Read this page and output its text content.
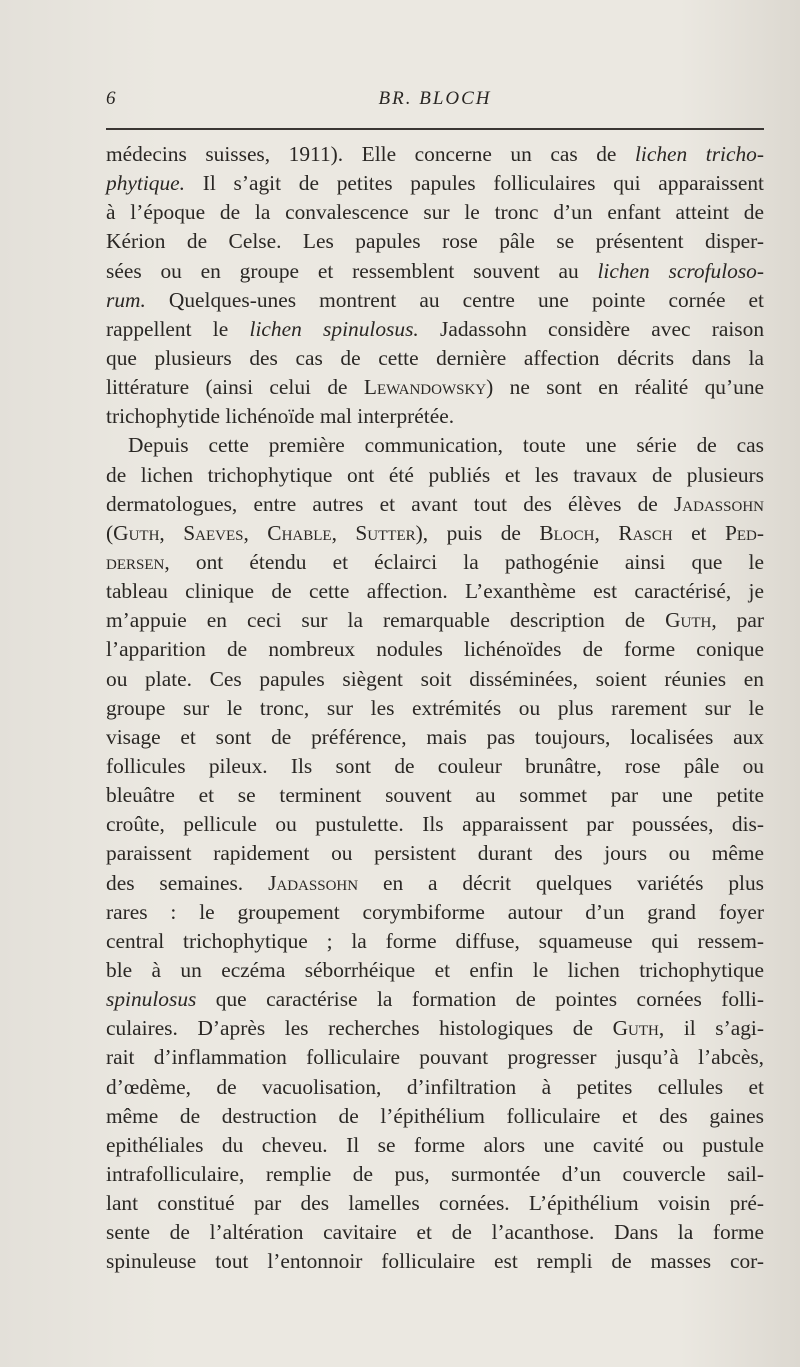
6	BR. BLOCH
médecins suisses, 1911). Elle concerne un cas de lichen tricho-
phytique. Il s’agit de petites papules folliculaires qui apparaissent
à l’époque de la convalescence sur le tronc d’un enfant atteint de
Kérion de Celse. Les papules rose pâle se présentent disper-
sées ou en groupe et ressemblent souvent au lichen scrofuloso-
rum. Quelques-unes montrent au centre une pointe cornée et
rappellent le lichen spinulosus. Jadassohn considère avec raison
que plusieurs des cas de cette dernière affection décrits dans la
littérature (ainsi celui de Lewandowsky) ne sont en réalité qu’une
trichophytide lichénoïde mal interprétée.
Depuis cette première communication, toute une série de cas
de lichen trichophytique ont été publiés et les travaux de plusieurs
dermatologues, entre autres et avant tout des élèves de Jadassohn
(Guth, Saeves, Chable, Sutter), puis de Bloch, Rasch et Ped-
dersen, ont étendu et éclairci la pathogénie ainsi que le
tableau clinique de cette affection. L’exanthème est caractérisé, je
m’appuie en ceci sur la remarquable description de Guth, par
l’apparition de nombreux nodules lichénoïdes de forme conique
ou plate. Ces papules siègent soit disséminées, soient réunies en
groupe sur le tronc, sur les extrémités ou plus rarement sur le
visage et sont de préférence, mais pas toujours, localisées aux
follicules pileux. Ils sont de couleur brunâtre, rose pâle ou
bleuâtre et se terminent souvent au sommet par une petite
croûte, pellicule ou pustulette. Ils apparaissent par poussées, dis-
paraissent rapidement ou persistent durant des jours ou même
des semaines. Jadassohn en a décrit quelques variétés plus
rares : le groupement corymbiforme autour d’un grand foyer
central trichophytique ; la forme diffuse, squameuse qui ressem-
ble à un eczéma séborrhéique et enfin le lichen trichophytique
spinulosus que caractérise la formation de pointes cornées folli-
culaires. D’après les recherches histologiques de Guth, il s’agi-
rait d’inflammation folliculaire pouvant progresser jusqu’à l’abcès,
d’œdème, de vacuolisation, d’infiltration à petites cellules et
même de destruction de l’épithélium folliculaire et des gaines
epithéliales du cheveu. Il se forme alors une cavité ou pustule
intrafolliculaire, remplie de pus, surmontée d’un couvercle sail-
lant constitué par des lamelles cornées. L’épithélium voisin pré-
sente de l’altération cavitaire et de l’acanthose. Dans la forme
spinuleuse tout l’entonnoir folliculaire est rempli de masses cor-
